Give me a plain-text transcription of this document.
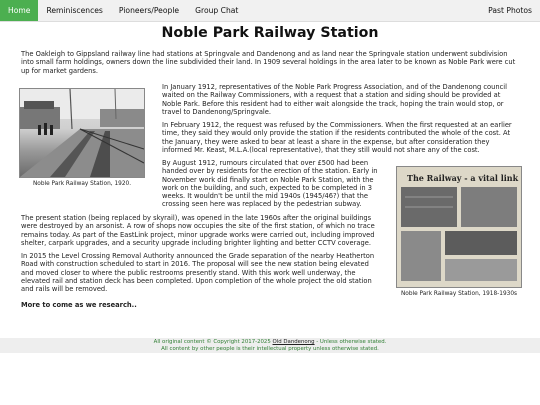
Home	Reminiscences	Pioneers/People	Group Chat	Past Photos
Noble Park Railway Station

The Oakleigh to Gippsland railway line had stations at Springvale and Dandenong and as land near the Springvale station underwent subdivision into small farm holdings, owners down the line subdivided their land. In 1909 several holdings in the area later to be known as Noble Park were cut up for market gardens.

Noble Park Railway Station, 1920.

In January 1912, representatives of the Noble Park Progress Association, and of the Dandenong council waited on the Railway Commissioners, with a request that a station and siding should be provided at Noble Park. Before this resident had to either wait alongside the track, hoping the train would stop, or travel to Dandenong/Springvale.

In February 1912, the request was refused by the Commissioners. When the first requested at an earlier time, they said they would only provide the station if the residents contributed the whole of the cost. At the January, they were asked to bear at least a share in the expense, but after consideration they informed Mr. Keast, M.L.A.(local representative), that they still would not share any of the cost.

The Railway - a vital link
Noble Park Railway Station, 1918-1930s

By August 1912, rumours circulated that over £500 had been handed over by residents for the erection of the station. Early in November work did finally start on Noble Park Station, with the work on the building, and such, expected to be completed in 3 weeks. It wouldn't be until the mid 1940s (1945/46?) that the crossing seen here was replaced by the pedestrian subway.

The present station (being replaced by skyrail), was opened in the late 1960s after the original buildings were destroyed by an arsonist. A row of shops now occupies the site of the first station, of which no trace remains today. As part of the EastLink project, minor upgrade works were carried out, including improved shelter, carpark upgrades, and a security upgrade including brighter lighting and better CCTV coverage.

In 2015 the Level Crossing Removal Authority announced the Grade separation of the nearby Heatherton Road with construction scheduled to start in 2016. The proposal will see the new station being elevated and moved closer to where the public restrooms presently stand. With this work well underway, the elevated rail and station deck has been completed. Upon completion of the whole project the old station and rails will be removed.

More to come as we research..

All original content © Copyright 2017-2025 Old Dandenong - Unless otherwise stated.
All content by other people is their intellectual property unless otherwise stated.
